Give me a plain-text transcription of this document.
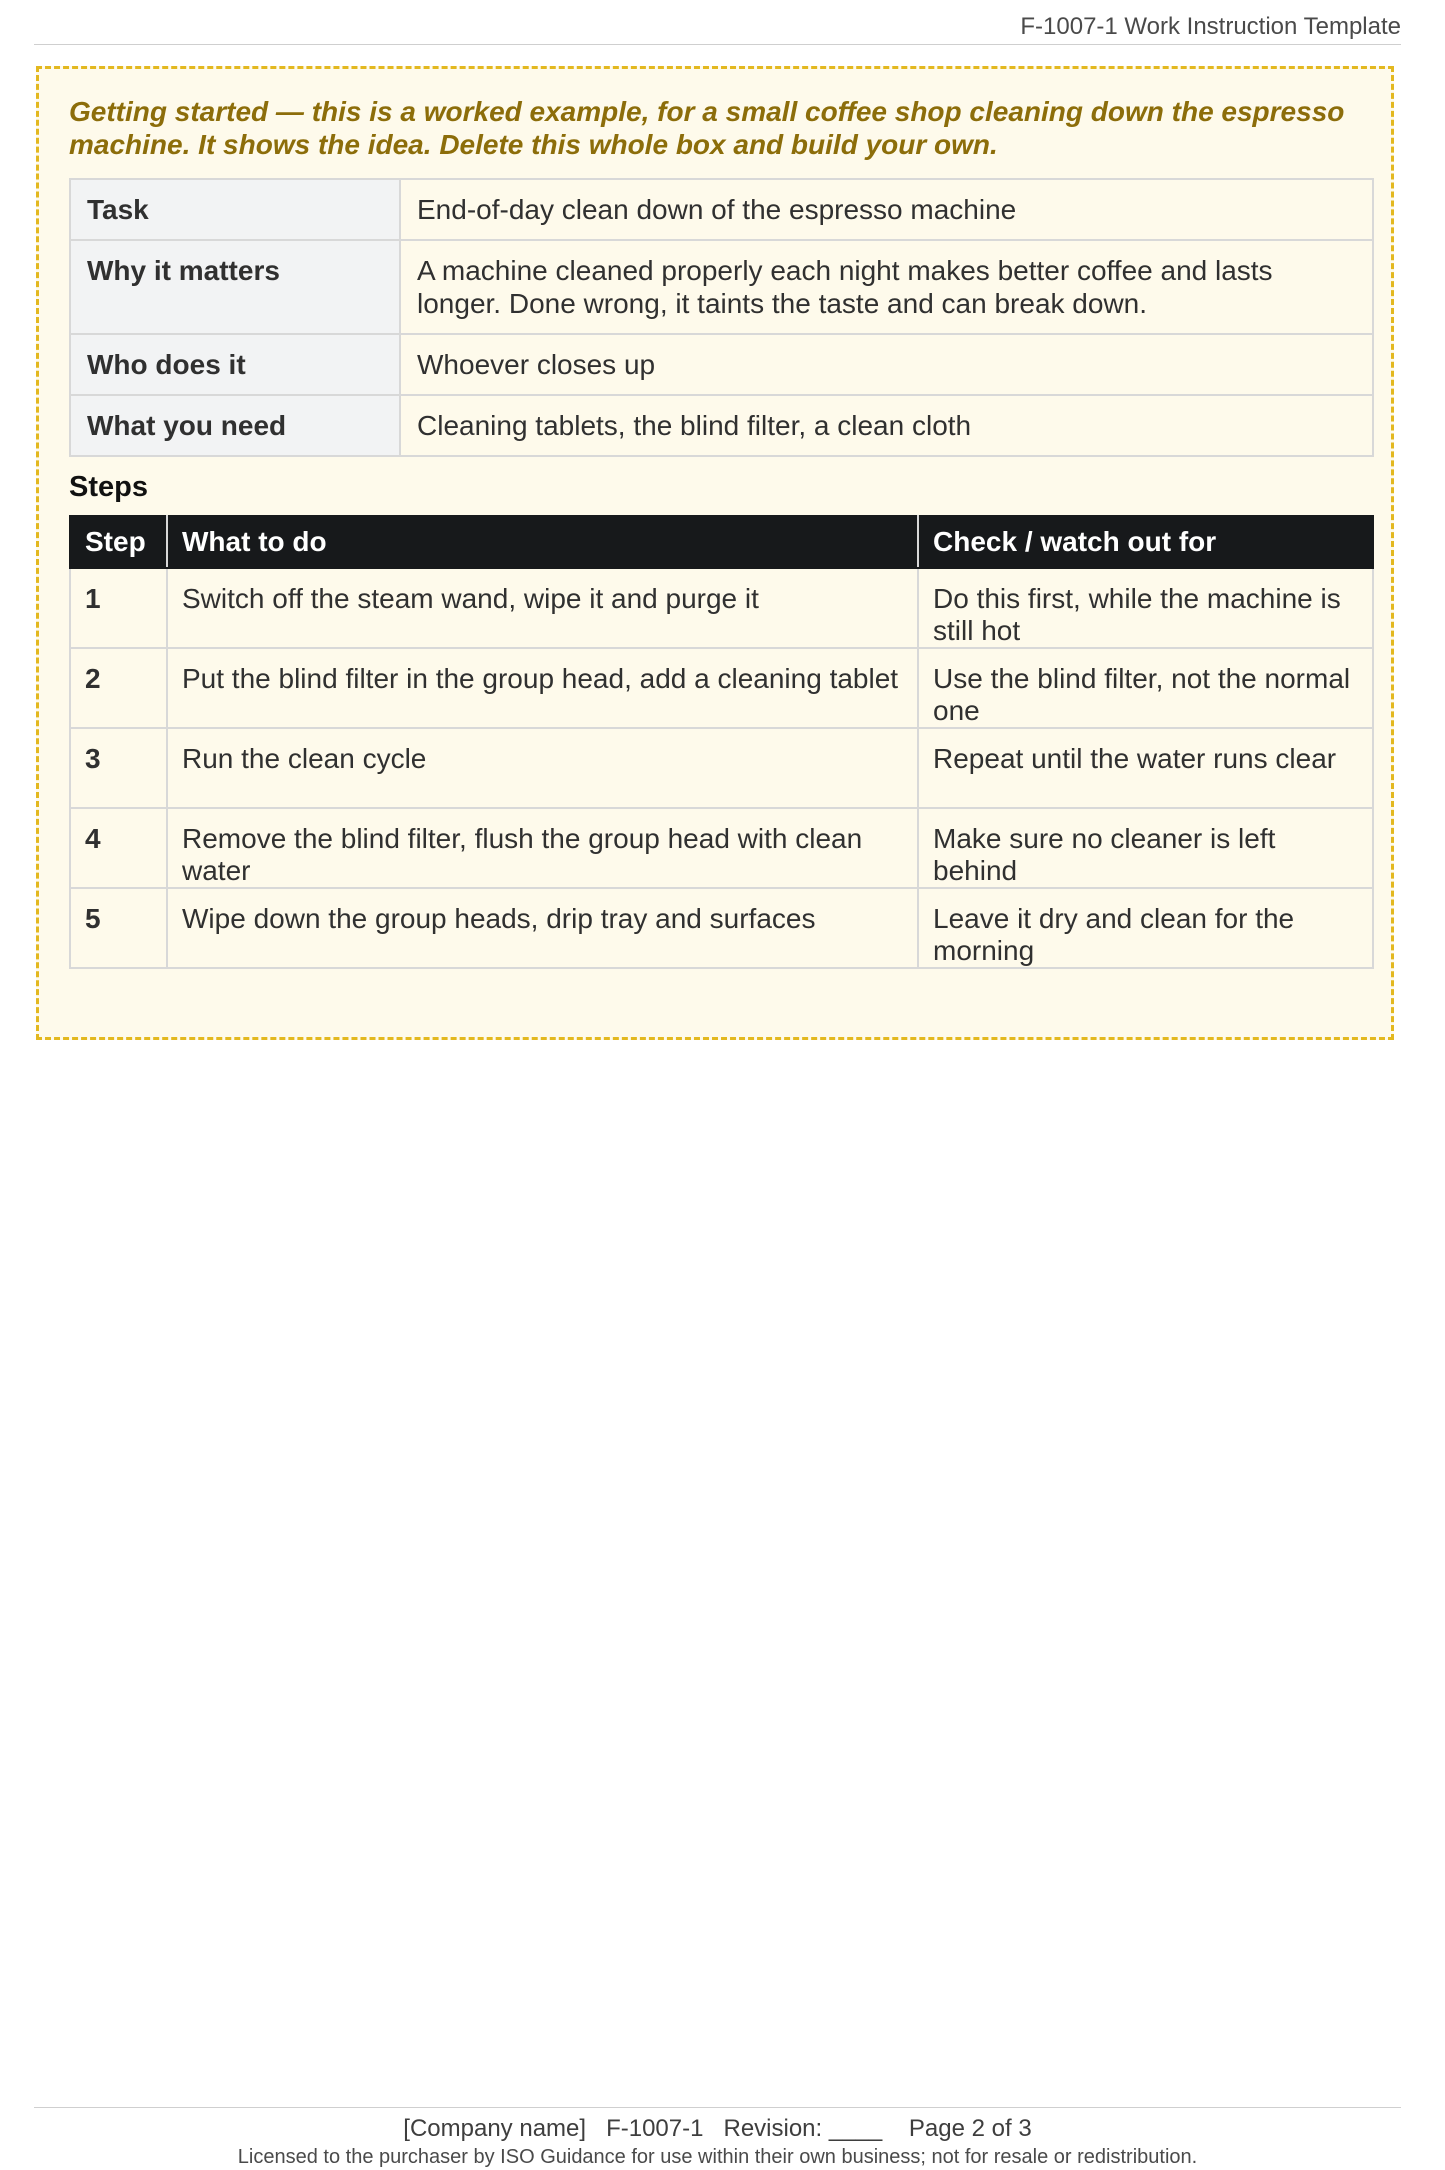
F-1007-1 Work Instruction Template
Getting started — this is a worked example, for a small coffee shop cleaning down the espresso machine. It shows the idea. Delete this whole box and build your own.
Task	End-of-day clean down of the espresso machine
Why it matters	A machine cleaned properly each night makes better coffee and lasts longer. Done wrong, it taints the taste and can break down.
Who does it	Whoever closes up
What you need	Cleaning tablets, the blind filter, a clean cloth
Steps
Step	What to do	Check / watch out for
1	Switch off the steam wand, wipe it and purge it	Do this first, while the machine is still hot
2	Put the blind filter in the group head, add a cleaning tablet	Use the blind filter, not the normal one
3	Run the clean cycle	Repeat until the water runs clear
4	Remove the blind filter, flush the group head with clean water	Make sure no cleaner is left behind
5	Wipe down the group heads, drip tray and surfaces	Leave it dry and clean for the morning
[Company name] F-1007-1 Revision: ____ Page 2 of 3
Licensed to the purchaser by ISO Guidance for use within their own business; not for resale or redistribution.
